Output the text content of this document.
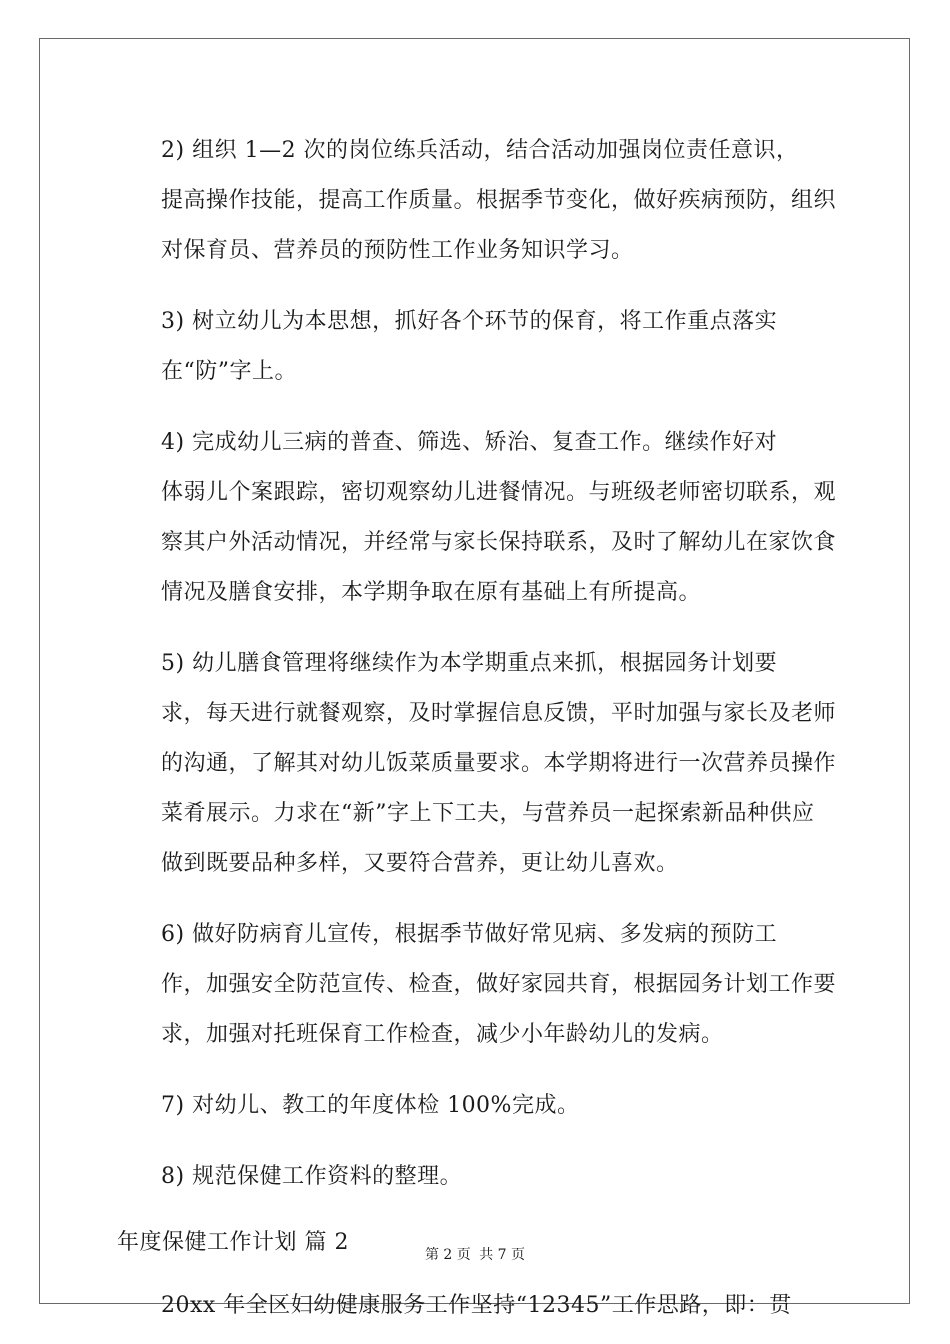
2) 组织 1—2 次的岗位练兵活动，结合活动加强岗位责任意识，
提高操作技能，提高工作质量。根据季节变化，做好疾病预防，组织
对保育员、营养员的预防性工作业务知识学习。

3) 树立幼儿为本思想，抓好各个环节的保育，将工作重点落实
在“防”字上。

4) 完成幼儿三病的普查、筛选、矫治、复查工作。继续作好对
体弱儿个案跟踪，密切观察幼儿进餐情况。与班级老师密切联系，观
察其户外活动情况，并经常与家长保持联系，及时了解幼儿在家饮食
情况及膳食安排，本学期争取在原有基础上有所提高。

5) 幼儿膳食管理将继续作为本学期重点来抓，根据园务计划要
求，每天进行就餐观察，及时掌握信息反馈，平时加强与家长及老师
的沟通，了解其对幼儿饭菜质量要求。本学期将进行一次营养员操作
菜肴展示。力求在“新”字上下工夫，与营养员一起探索新品种供应
做到既要品种多样，又要符合营养，更让幼儿喜欢。

6) 做好防病育儿宣传，根据季节做好常见病、多发病的预防工
作，加强安全防范宣传、检查，做好家园共育，根据园务计划工作要
求，加强对托班保育工作检查，减少小年龄幼儿的发病。

7) 对幼儿、教工的年度体检 100%完成。

8) 规范保健工作资料的整理。

年度保健工作计划 篇 2

20xx 年全区妇幼健康服务工作坚持“12345”工作思路，即：贯

第 2 页 共 7 页
